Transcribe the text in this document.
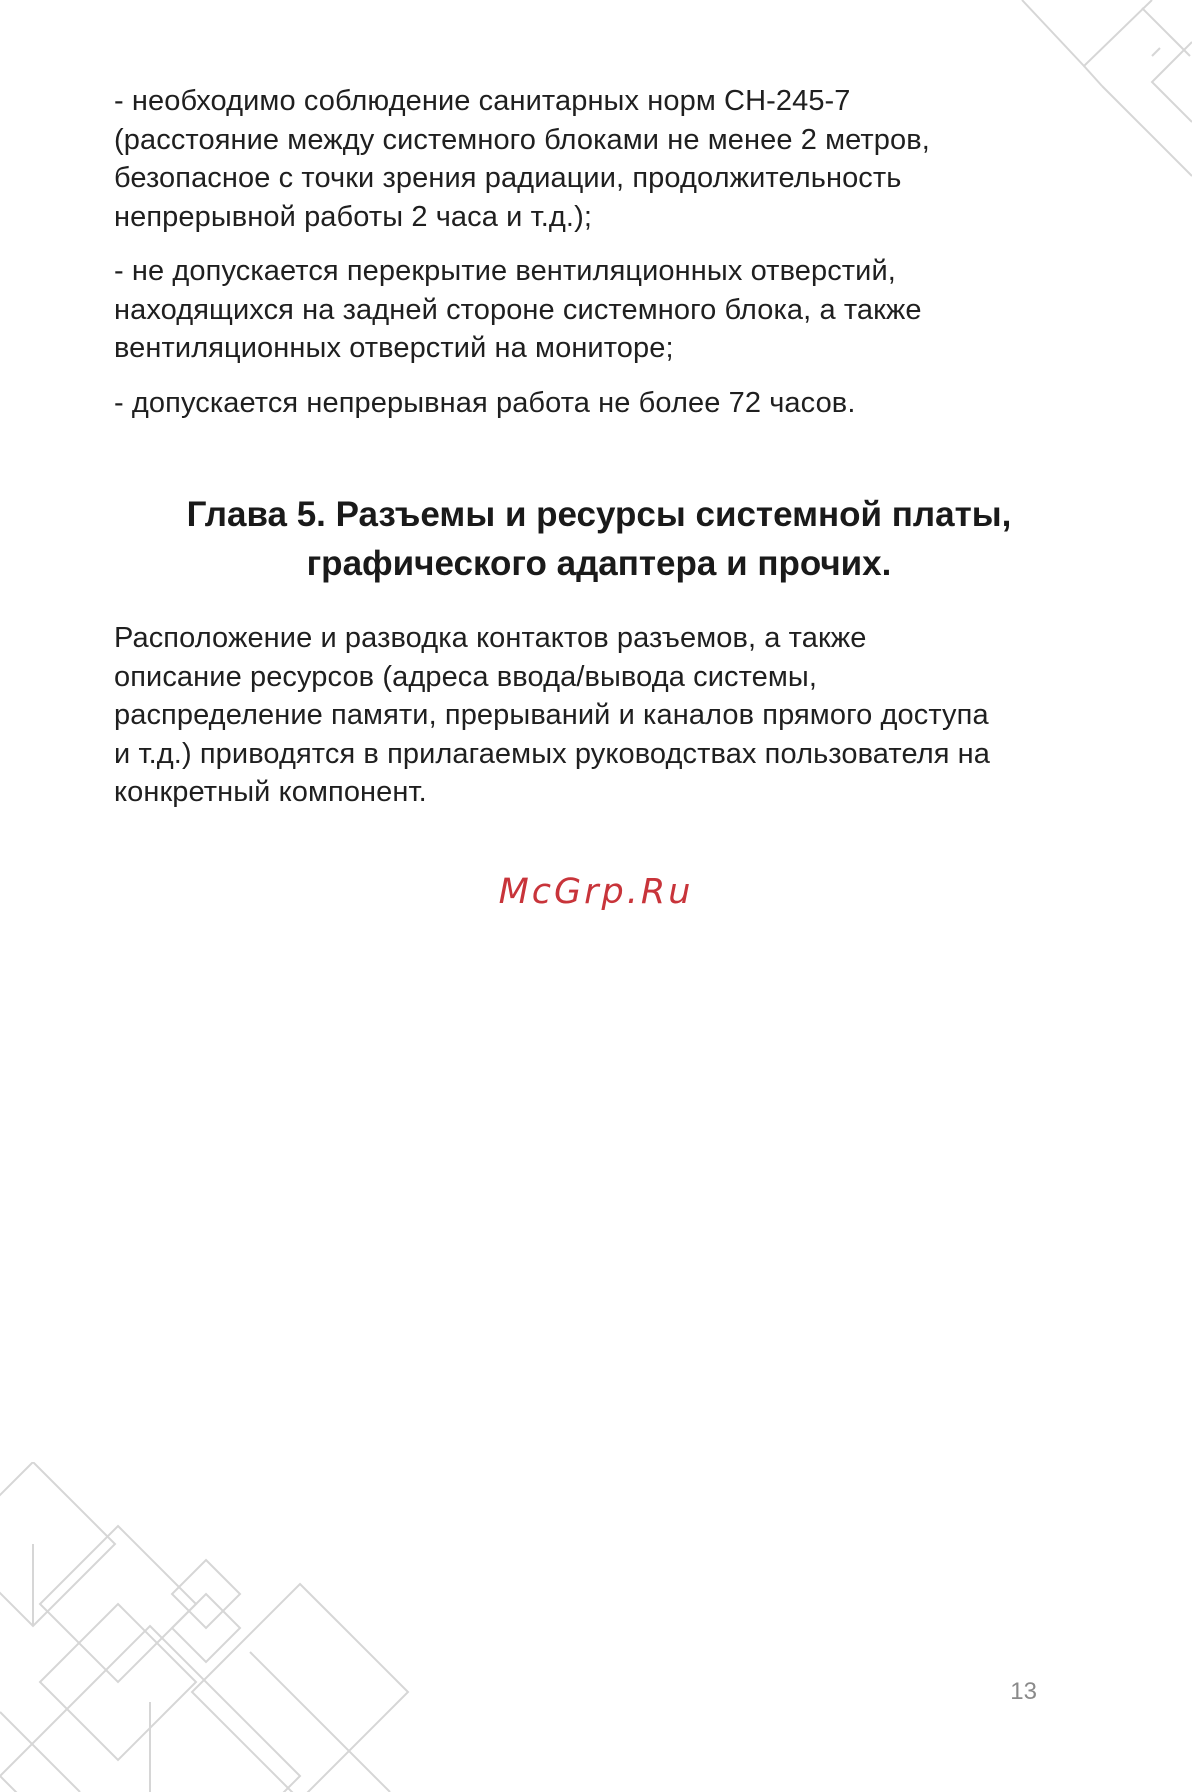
- необходимо соблюдение санитарных норм СН-245-7
(расстояние между системного блоками не менее 2 метров,
безопасное с точки зрения радиации, продолжительность
непрерывной работы 2 часа и т.д.);

- не допускается перекрытие вентиляционных отверстий,
находящихся на задней стороне системного блока, а также
вентиляционных отверстий на мониторе;

- допускается непрерывная работа не более 72 часов.

Глава 5. Разъемы и ресурсы системной платы,
графического адаптера и прочих.

Расположение и разводка контактов разъемов, а также
описание ресурсов (адреса ввода/вывода системы,
распределение памяти, прерываний и каналов прямого доступа
и т.д.) приводятся в прилагаемых руководствах пользователя на
конкретный компонент.

McGrp.Ru
13
